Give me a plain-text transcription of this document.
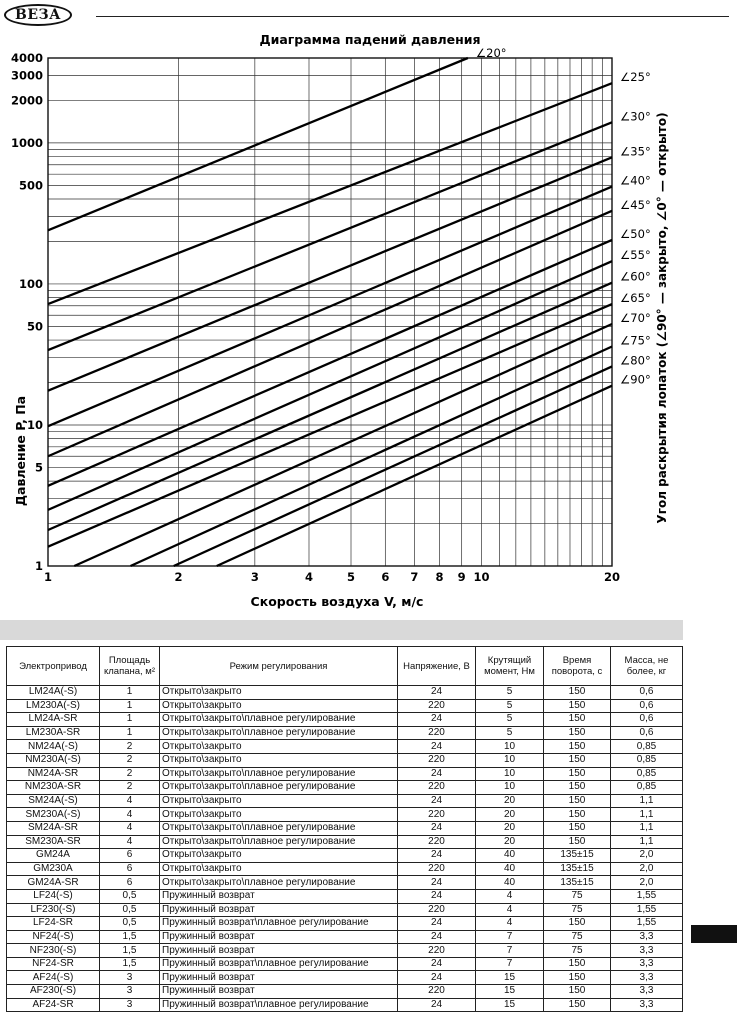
ВЕЗА
∠20°
∠25°
∠30°
∠35°
∠40°
∠45°
∠50°
∠55°
∠60°
∠65°
∠70°
∠75°
∠80°
∠90°
1	2	3	4	5 6 7 8 9 10	20
1
5
10
50
100
500
1000
2000
3000
4000
Диаграмма падений давления
Скорость воздуха V, м/с
Давление P, Па	Угол раскрытия лопаток (∠90° — закрыто, ∠0° — открыто)
Электропривод	Площадь клапана, м²	Режим регулирования	Напряжение, В	Крутящий момент, Нм	Время поворота, с	Масса, не более, кг
LM24A(-S)	1	Открыто\закрыто	24	5	150	0,6
LM230A(-S)	1	Открыто\закрыто	220	5	150	0,6
LM24A-SR	1	Открыто\закрыто\плавное регулирование	24	5	150	0,6
LM230A-SR	1	Открыто\закрыто\плавное регулирование	220	5	150	0,6
NM24A(-S)	2	Открыто\закрыто	24	10	150	0,85
NM230A(-S)	2	Открыто\закрыто	220	10	150	0,85
NM24A-SR	2	Открыто\закрыто\плавное регулирование	24	10	150	0,85
NM230A-SR	2	Открыто\закрыто\плавное регулирование	220	10	150	0,85
SM24A(-S)	4	Открыто\закрыто	24	20	150	1,1
SM230A(-S)	4	Открыто\закрыто	220	20	150	1,1
SM24A-SR	4	Открыто\закрыто\плавное регулирование	24	20	150	1,1
SM230A-SR	4	Открыто\закрыто\плавное регулирование	220	20	150	1,1
GM24A	6	Открыто\закрыто	24	40	135±15	2,0
GM230A	6	Открыто\закрыто	220	40	135±15	2,0
GM24A-SR	6	Открыто\закрыто\плавное регулирование	24	40	135±15	2,0
LF24(-S)	0,5	Пружинный возврат	24	4	75	1,55
LF230(-S)	0,5	Пружинный возврат	220	4	75	1,55
LF24-SR	0,5	Пружинный возврат\плавное регулирование	24	4	150	1,55
NF24(-S)	1,5	Пружинный возврат	24	7	75	3,3
NF230(-S)	1,5	Пружинный возврат	220	7	75	3,3
NF24-SR	1,5	Пружинный возврат\плавное регулирование	24	7	150	3,3
AF24(-S)	3	Пружинный возврат	24	15	150	3,3
AF230(-S)	3	Пружинный возврат	220	15	150	3,3
AF24-SR	3	Пружинный возврат\плавное регулирование	24	15	150	3,3
